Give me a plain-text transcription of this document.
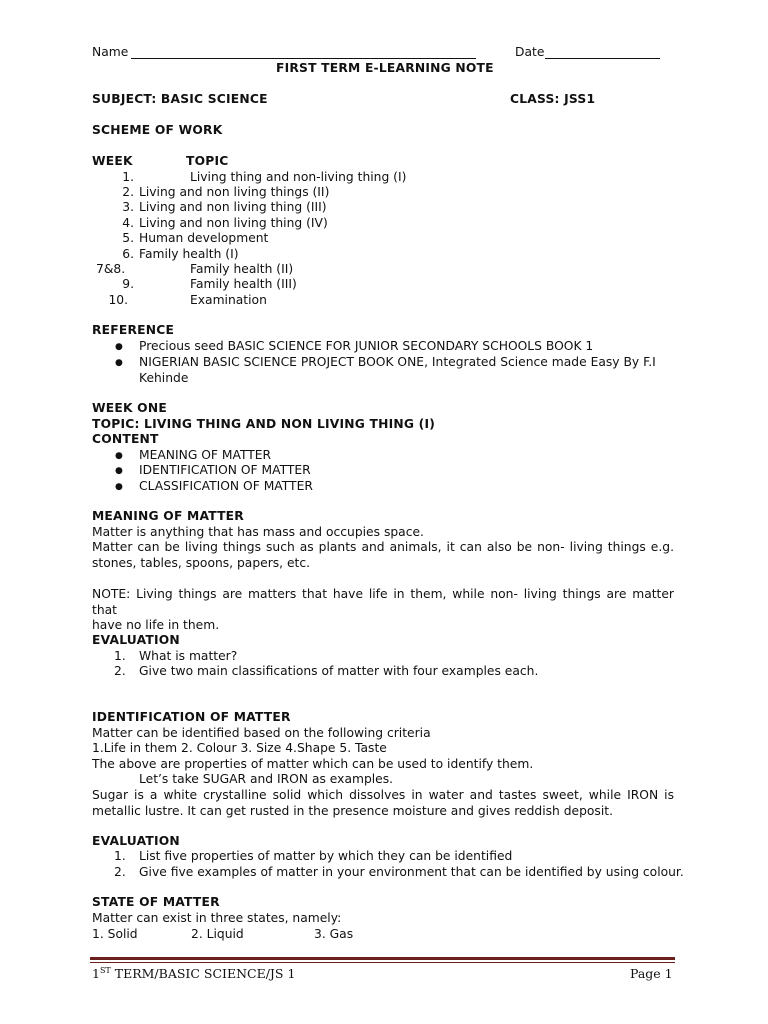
Name	Date
FIRST TERM E-LEARNING NOTE
SUBJECT: BASIC SCIENCE	CLASS: JSS1
SCHEME OF WORK
WEEK	TOPIC
1.	Living thing and non-living thing (I)
2. Living and non living things (II)
3. Living and non living thing (III)
4. Living and non living thing (IV)
5. Human development
6. Family health (I)
7&8.	Family health (II)
9.	Family health (III)
10.	Examination
REFERENCE
● Precious seed BASIC SCIENCE FOR JUNIOR SECONDARY SCHOOLS BOOK 1
● NIGERIAN BASIC SCIENCE PROJECT BOOK ONE, Integrated Science made Easy By F.I
Kehinde
WEEK ONE
TOPIC: LIVING THING AND NON LIVING THING (I)
CONTENT
● MEANING OF MATTER
● IDENTIFICATION OF MATTER
● CLASSIFICATION OF MATTER
MEANING OF MATTER
Matter is anything that has mass and occupies space.
Matter can be living things such as plants and animals, it can also be non- living things e.g.
stones, tables, spoons, papers, etc.
NOTE: Living things are matters that have life in them, while non- living things are matter that
have no life in them.
EVALUATION
1. What is matter?
2. Give two main classifications of matter with four examples each.
IDENTIFICATION OF MATTER
Matter can be identified based on the following criteria
1.Life in them 2. Colour 3. Size 4.Shape 5. Taste
The above are properties of matter which can be used to identify them.
Let’s take SUGAR and IRON as examples.
Sugar is a white crystalline solid which dissolves in water and tastes sweet, while IRON is
metallic lustre. It can get rusted in the presence moisture and gives reddish deposit.
EVALUATION
1. List five properties of matter by which they can be identified
2. Give five examples of matter in your environment that can be identified by using colour.
STATE OF MATTER
Matter can exist in three states, namely:
1. Solid	2. Liquid	3. Gas
1ST TERM/BASIC SCIENCE/JS 1	Page 1
